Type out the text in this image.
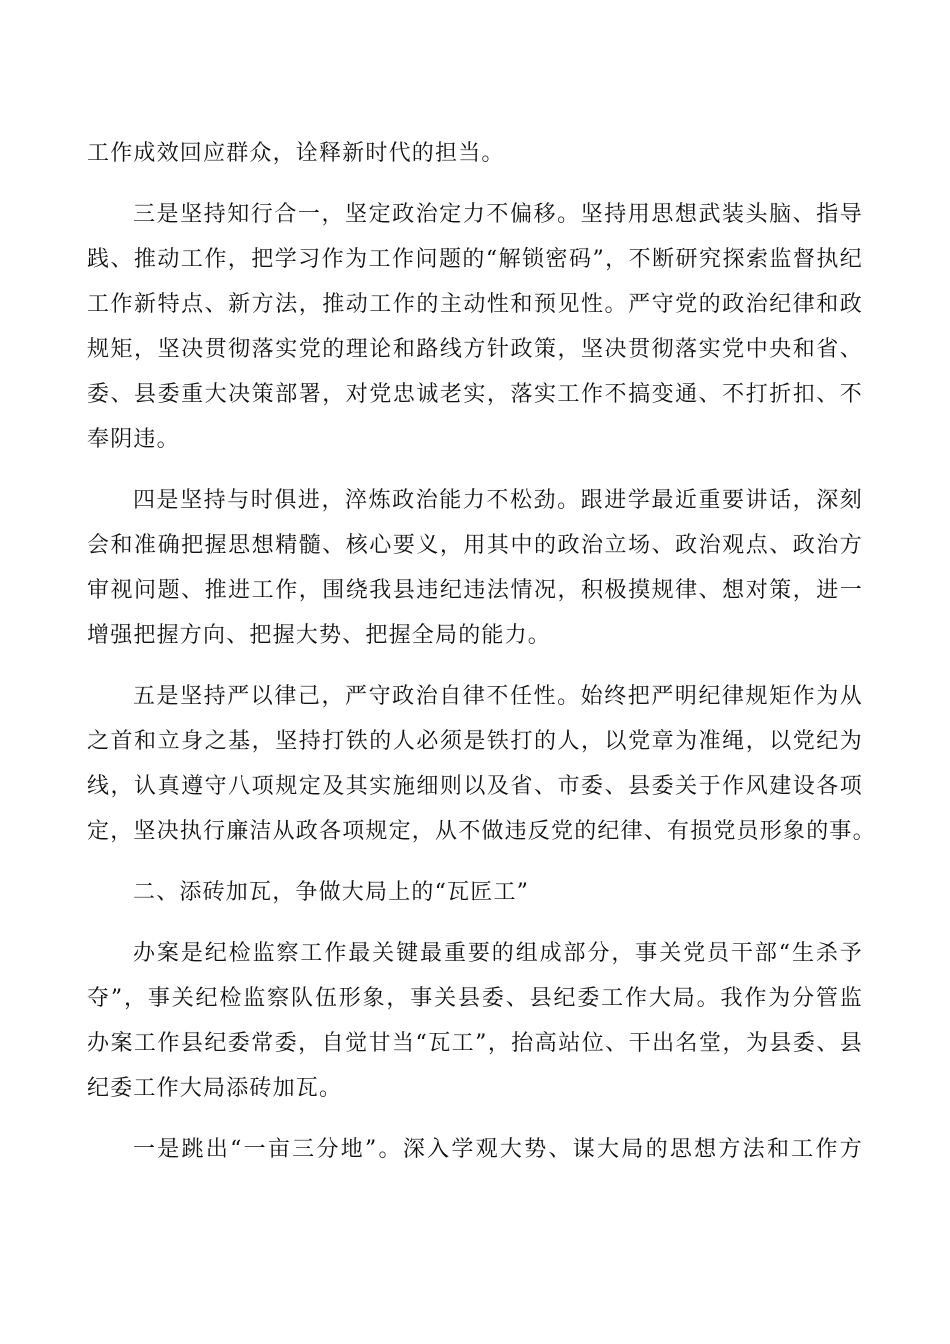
工作成效回应群众，诠释新时代的担当。
三是坚持知行合一，坚定政治定力不偏移。坚持用思想武装头脑、指导
践、推动工作，把学习作为工作问题的“解锁密码”，不断研究探索监督执纪
工作新特点、新方法，推动工作的主动性和预见性。严守党的政治纪律和政
规矩，坚决贯彻落实党的理论和路线方针政策，坚决贯彻落实党中央和省、
委、县委重大决策部署，对党忠诚老实，落实工作不搞变通、不打折扣、不
奉阴违。
四是坚持与时俱进，淬炼政治能力不松劲。跟进学最近重要讲话，深刻
会和准确把握思想精髓、核心要义，用其中的政治立场、政治观点、政治方
审视问题、推进工作，围绕我县违纪违法情况，积极摸规律、想对策，进一
增强把握方向、把握大势、把握全局的能力。
五是坚持严以律己，严守政治自律不任性。始终把严明纪律规矩作为从
之首和立身之基，坚持打铁的人必须是铁打的人，以党章为准绳，以党纪为
线，认真遵守八项规定及其实施细则以及省、市委、县委关于作风建设各项
定，坚决执行廉洁从政各项规定，从不做违反党的纪律、有损党员形象的事。
二、添砖加瓦，争做大局上的“瓦匠工”
办案是纪检监察工作最关键最重要的组成部分，事关党员干部“生杀予
夺”，事关纪检监察队伍形象，事关县委、县纪委工作大局。我作为分管监
办案工作县纪委常委，自觉甘当“瓦工”，抬高站位、干出名堂，为县委、县
纪委工作大局添砖加瓦。
一是跳出“一亩三分地”。深入学观大势、谋大局的思想方法和工作方
